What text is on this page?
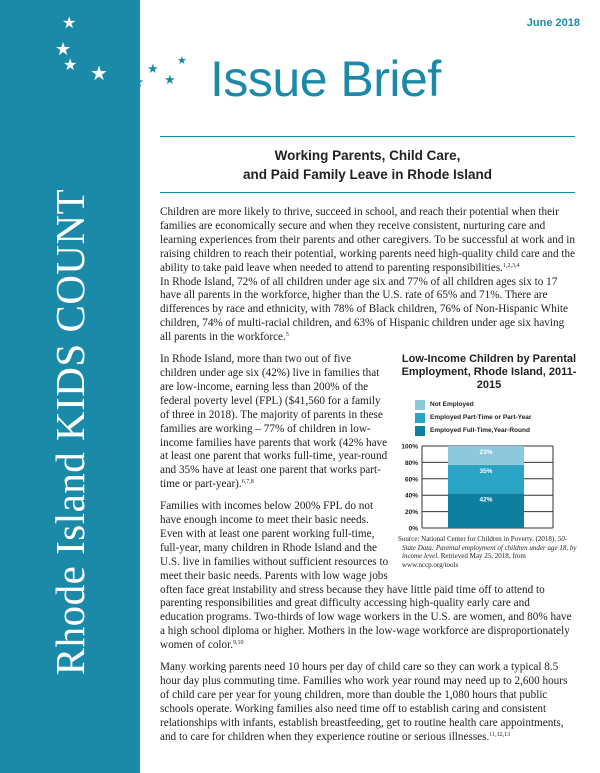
★
★
★ ★
Rhode Island KIDS COUNT
★
★
★
★
June 2018
Issue Brief
Working Parents, Child Care,
and Paid Family Leave in Rhode Island

Children are more likely to thrive, succeed in school, and reach their potential when their families are economically secure and when they receive consistent, nurturing care and learning experiences from their parents and other caregivers. To be successful at work and in raising children to reach their potential, working parents need high-quality child care and the ability to take paid leave when needed to attend to parenting responsibilities.$^{1,2,3,4}$

In Rhode Island, 72% of all children under age six and 77% of all children ages six to 17 have all parents in the workforce, higher than the U.S. rate of 65% and 71%. There are differences by race and ethnicity, with 78% of Black children, 76% of Non-Hispanic White children, 74% of multi-racial children, and 63% of Hispanic children under age six having all parents in the workforce.$^5$

Low-Income Children by Parental Employment, Rhode Island, 2011-2015
Not Employed
Employed Part-Time or Part-Year
Employed Full-Time,Year-Round
0%
20%
40%
60%
80%
100%
42%
35%
23%
Source: National Center for Children in Poverty. (2018). 50-State Data: Parental employment of children under age 18, by income level. Retrieved May 25, 2018, from www.nccp.org/tools

In Rhode Island, more than two out of five children under age six (42%) live in families that are low-income, earning less than 200% of the federal poverty level (FPL) ($41,560 for a family of three in 2018). The majority of parents in these families are working – 77% of children in low-income families have parents that work (42% have at least one parent that works full-time, year-round and 35% have at least one parent that works part-time or part-year).$^{6,7,8}$

Families with incomes below 200% FPL do not have enough income to meet their basic needs. Even with at least one parent working full-time, full-year, many children in Rhode Island and the U.S. live in families without sufficient resources to meet their basic needs. Parents with low wage jobs often face great instability and stress because they have little paid time off to attend to parenting responsibilities and great difficulty accessing high-quality early care and education programs. Two-thirds of low wage workers in the U.S. are women, and 80% have a high school diploma or higher. Mothers in the low-wage workforce are disproportionately women of color.$^{9,10}$

Many working parents need 10 hours per day of child care so they can work a typical 8.5 hour day plus commuting time. Families who work year round may need up to 2,600 hours of child care per year for young children, more than double the 1,080 hours that public schools operate. Working families also need time off to establish caring and consistent relationships with infants, establish breastfeeding, get to routine health care appointments, and to care for children when they experience routine or serious illnesses.$^{11,12,13}$
